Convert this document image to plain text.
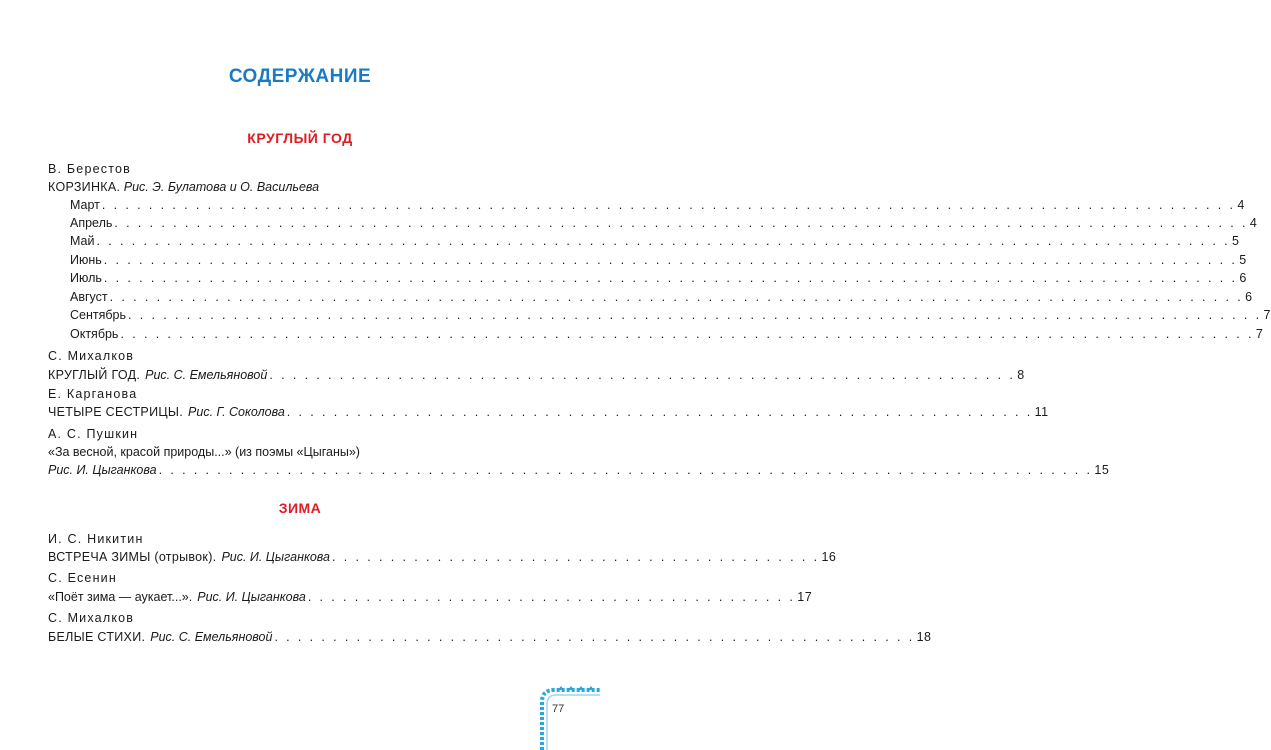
СОДЕРЖАНИЕ
КРУГЛЫЙ ГОД
В. Берестов
КОРЗИНКА. Рис. Э. Булатова и О. Васильева
Март . . . . . . . . . . . . . . . . . . . . . . . . . . . . . . . . . . . . . . . . . . . . . . . . . . . . . . . . . . . . . . . . . . . . . . . . . . . . . . . . . . . . . . . . . . . . . . . . . 4
Апрель . . . . . . . . . . . . . . . . . . . . . . . . . . . . . . . . . . . . . . . . . . . . . . . . . . . . . . . . . . . . . . . . . . . . . . . . . . . . . . . . . . . . . . . . . . . . . . . . . 4
Май . . . . . . . . . . . . . . . . . . . . . . . . . . . . . . . . . . . . . . . . . . . . . . . . . . . . . . . . . . . . . . . . . . . . . . . . . . . . . . . . . . . . . . . . . . . . . . . . . 5
Июнь . . . . . . . . . . . . . . . . . . . . . . . . . . . . . . . . . . . . . . . . . . . . . . . . . . . . . . . . . . . . . . . . . . . . . . . . . . . . . . . . . . . . . . . . . . . . . . . . . 5
Июль . . . . . . . . . . . . . . . . . . . . . . . . . . . . . . . . . . . . . . . . . . . . . . . . . . . . . . . . . . . . . . . . . . . . . . . . . . . . . . . . . . . . . . . . . . . . . . . . . 6
Август . . . . . . . . . . . . . . . . . . . . . . . . . . . . . . . . . . . . . . . . . . . . . . . . . . . . . . . . . . . . . . . . . . . . . . . . . . . . . . . . . . . . . . . . . . . . . . . . . 6
Сентябрь . . . . . . . . . . . . . . . . . . . . . . . . . . . . . . . . . . . . . . . . . . . . . . . . . . . . . . . . . . . . . . . . . . . . . . . . . . . . . . . . . . . . . . . . . . . . . . . . . 7
Октябрь . . . . . . . . . . . . . . . . . . . . . . . . . . . . . . . . . . . . . . . . . . . . . . . . . . . . . . . . . . . . . . . . . . . . . . . . . . . . . . . . . . . . . . . . . . . . . . . . . 7
С. Михалков
КРУГЛЫЙ ГОД. Рис. С. Емельяновой . . . . . . . . . . . . . . . . . . . . . . . . . . . . . . . . . . . . . . . . . . . . . . . . . . . . . . . . . . . . . . . . 8
Е. Карганова
ЧЕТЫРЕ СЕСТРИЦЫ. Рис. Г. Соколова . . . . . . . . . . . . . . . . . . . . . . . . . . . . . . . . . . . . . . . . . . . . . . . . . . . . . . . . . . . . . . . . 11
А. С. Пушкин
«За весной, красой природы...» (из поэмы «Цыганы»)
Рис. И. Цыганкова . . . . . . . . . . . . . . . . . . . . . . . . . . . . . . . . . . . . . . . . . . . . . . . . . . . . . . . . . . . . . . . . . . . . . . . . . . . . . . . . 15
ЗИМА
И. С. Никитин
ВСТРЕЧА ЗИМЫ (отрывок). Рис. И. Цыганкова . . . . . . . . . . . . . . . . . . . . . . . . . . . . . . . . . . . . . . . . . . 16
С. Есенин
«Поёт зима — аукает...». Рис. И. Цыганкова . . . . . . . . . . . . . . . . . . . . . . . . . . . . . . . . . . . . . . . . . . 17
С. Михалков
БЕЛЫЕ СТИХИ. Рис. С. Емельяновой . . . . . . . . . . . . . . . . . . . . . . . . . . . . . . . . . . . . . . . . . . . . . . . . . . . . . . . 18
77
